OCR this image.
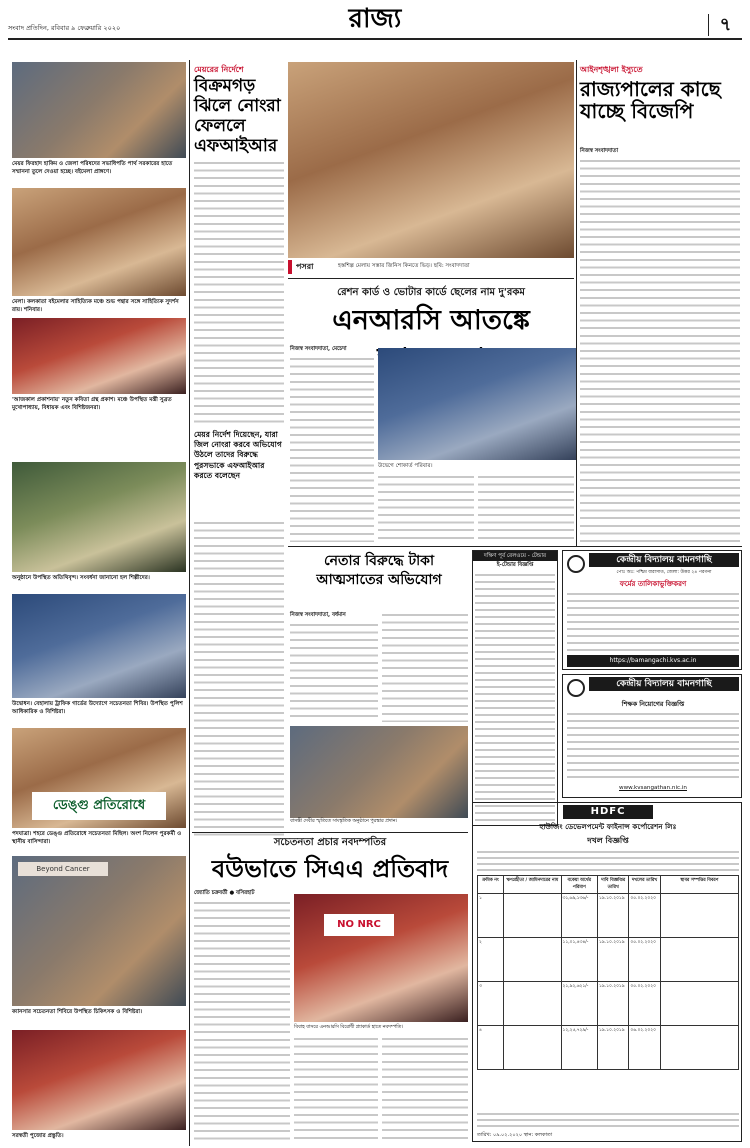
সংবাদ প্রতিদিন, রবিবার ৯ ফেব্রুয়ারি ২০২০	রাজ্য	৭
মেয়র ফিরহাদ হাকিম ও জেলা পরিষদের সভাধিপতি পার্থ সরকারের হাতে সম্মাননা তুলে দেওয়া হচ্ছে। বইমেলা প্রাঙ্গণে।
মেলা। কলকাতা বইমেলার সাহিত্যিক মঞ্চে শুভ পন্থার সঙ্গে সাহিত্যিক সুদর্শন রায়। শনিবার।
'আজকাল প্রকাশনায়' নতুন কবিতা গ্রন্থ প্রকাশ। মঞ্চে উপস্থিত মন্ত্রী সুব্রত মুখোপাধ্যায়, বিধায়ক এবং বিশিষ্টজনরা।
অনুষ্ঠানে উপস্থিত অতিথিবৃন্দ। সংবর্ধনা জানানো হল শিল্পীদের।
উদ্বোধন। বেহালায় ট্রাফিক গার্ডের উদ্যোগে সচেতনতা শিবির। উপস্থিত পুলিশ আধিকারিক ও বিশিষ্টরা।
ডেঙ্গু প্রতিরোধে
পদযাত্রা। শহরে ডেঙ্গু প্রতিরোধে সচেতনতা মিছিল। অংশ নিলেন পুরকর্মী ও স্থানীয় বাসিন্দারা।
Beyond Cancer
ক্যানসার সচেতনতা শিবিরে উপস্থিত চিকিৎসক ও বিশিষ্টরা।
সরস্বতী পুজোর প্রস্তুতি।
মেয়রের নির্দেশে
বিক্রমগড় ঝিলে নোংরা ফেলল‍ে এফআইআর
মেয়র নির্দেশ দিয়েছেন, যারা জিল নোংরা করবে অভিযোগ উঠলে তাদের বিরুদ্ধে পুরসভাকে এফআইআর করতে বলেছেন
পসরা	হস্তশিল্প মেলায় সস্তার জিনিস কিনতে ভিড়। ছবি: সংবাদদাতা
আইনশৃঙ্খলা ইস্যুতে
রাজ্যপালের কাছে যাচ্ছে বিজেপি
নিজস্ব সংবাদদাতা
রেশন কার্ড ও ভোটার কার্ডে ছেলের নাম দু'রকম
এনআরসি আতঙ্কে
নিজস্ব সংবাদদাতা, মেচেদা
উদ্বেগে শোকার্ত পরিবার।
নেতার বিরুদ্ধে টাকা আত্মসাতের অভিযোগ
নিজস্ব সংবাদদাতা, বর্ধমান
বাসন্তী দেবীর স্মৃতিতে সাংস্কৃতিক অনুষ্ঠানে পুরস্কার প্রদান।
দক্ষিণ পূর্ব রেলওয়ে - টেন্ডার
ই-টেন্ডার বিজ্ঞপ্তি	কেন্দ্রীয় বিদ্যালয় বামনগাছি
পোঃ অঃ: পশ্চিম বারাসাত, জেলা: উত্তর ২৪ পরগনা
ফর্মের তালিকাভুক্তিকরণ
https://bamangachi.kvs.ac.in
কেন্দ্রীয় বিদ্যালয় বামনগাছি
শিক্ষক নিয়োগের বিজ্ঞপ্তি
www.kvsangathan.nic.in
সচেতনতা প্রচার নবদম্পতির
বউভাতে সিএএ প্রতিবাদ
জ্যোতি চক্রবর্তী ● বসিরহাট
NO NRC
বিবাহ বাসরে এনআরসি বিরোধী প্ল্যাকার্ড হাতে নবদম্পতি।
HDFC
হাউজিং ডেভেলপমেন্ট ফাইনান্স কর্পোরেশন লিঃ
দখল বিজ্ঞপ্তি
ক্রমিক নং	ঋণগ্রহীতা / জামিনদারের নাম	বকেয়া অর্থের পরিমাণ	দাবি বিজ্ঞপ্তির তারিখ	দখলের তারিখ	স্থাবর সম্পত্তির বিবরণ
১		৩১,৬৯,১৩৬/-	১৯.১০.২০১৯	০৫.০২.২০২০	
২		১১,০১,৪৩৪/-	১৯.১০.২০১৯	০৫.০২.২০২০	
৩		২১,৯২,৬২১/-	১৯.১০.২০১৯	০৫.০২.২০২০	
৪		১২,২৫,৭২৯/-	১৯.১০.২০১৯	০৬.০২.২০২০	
তারিখ: ০৯.০২.২০২০ স্থান: কলকাতা
